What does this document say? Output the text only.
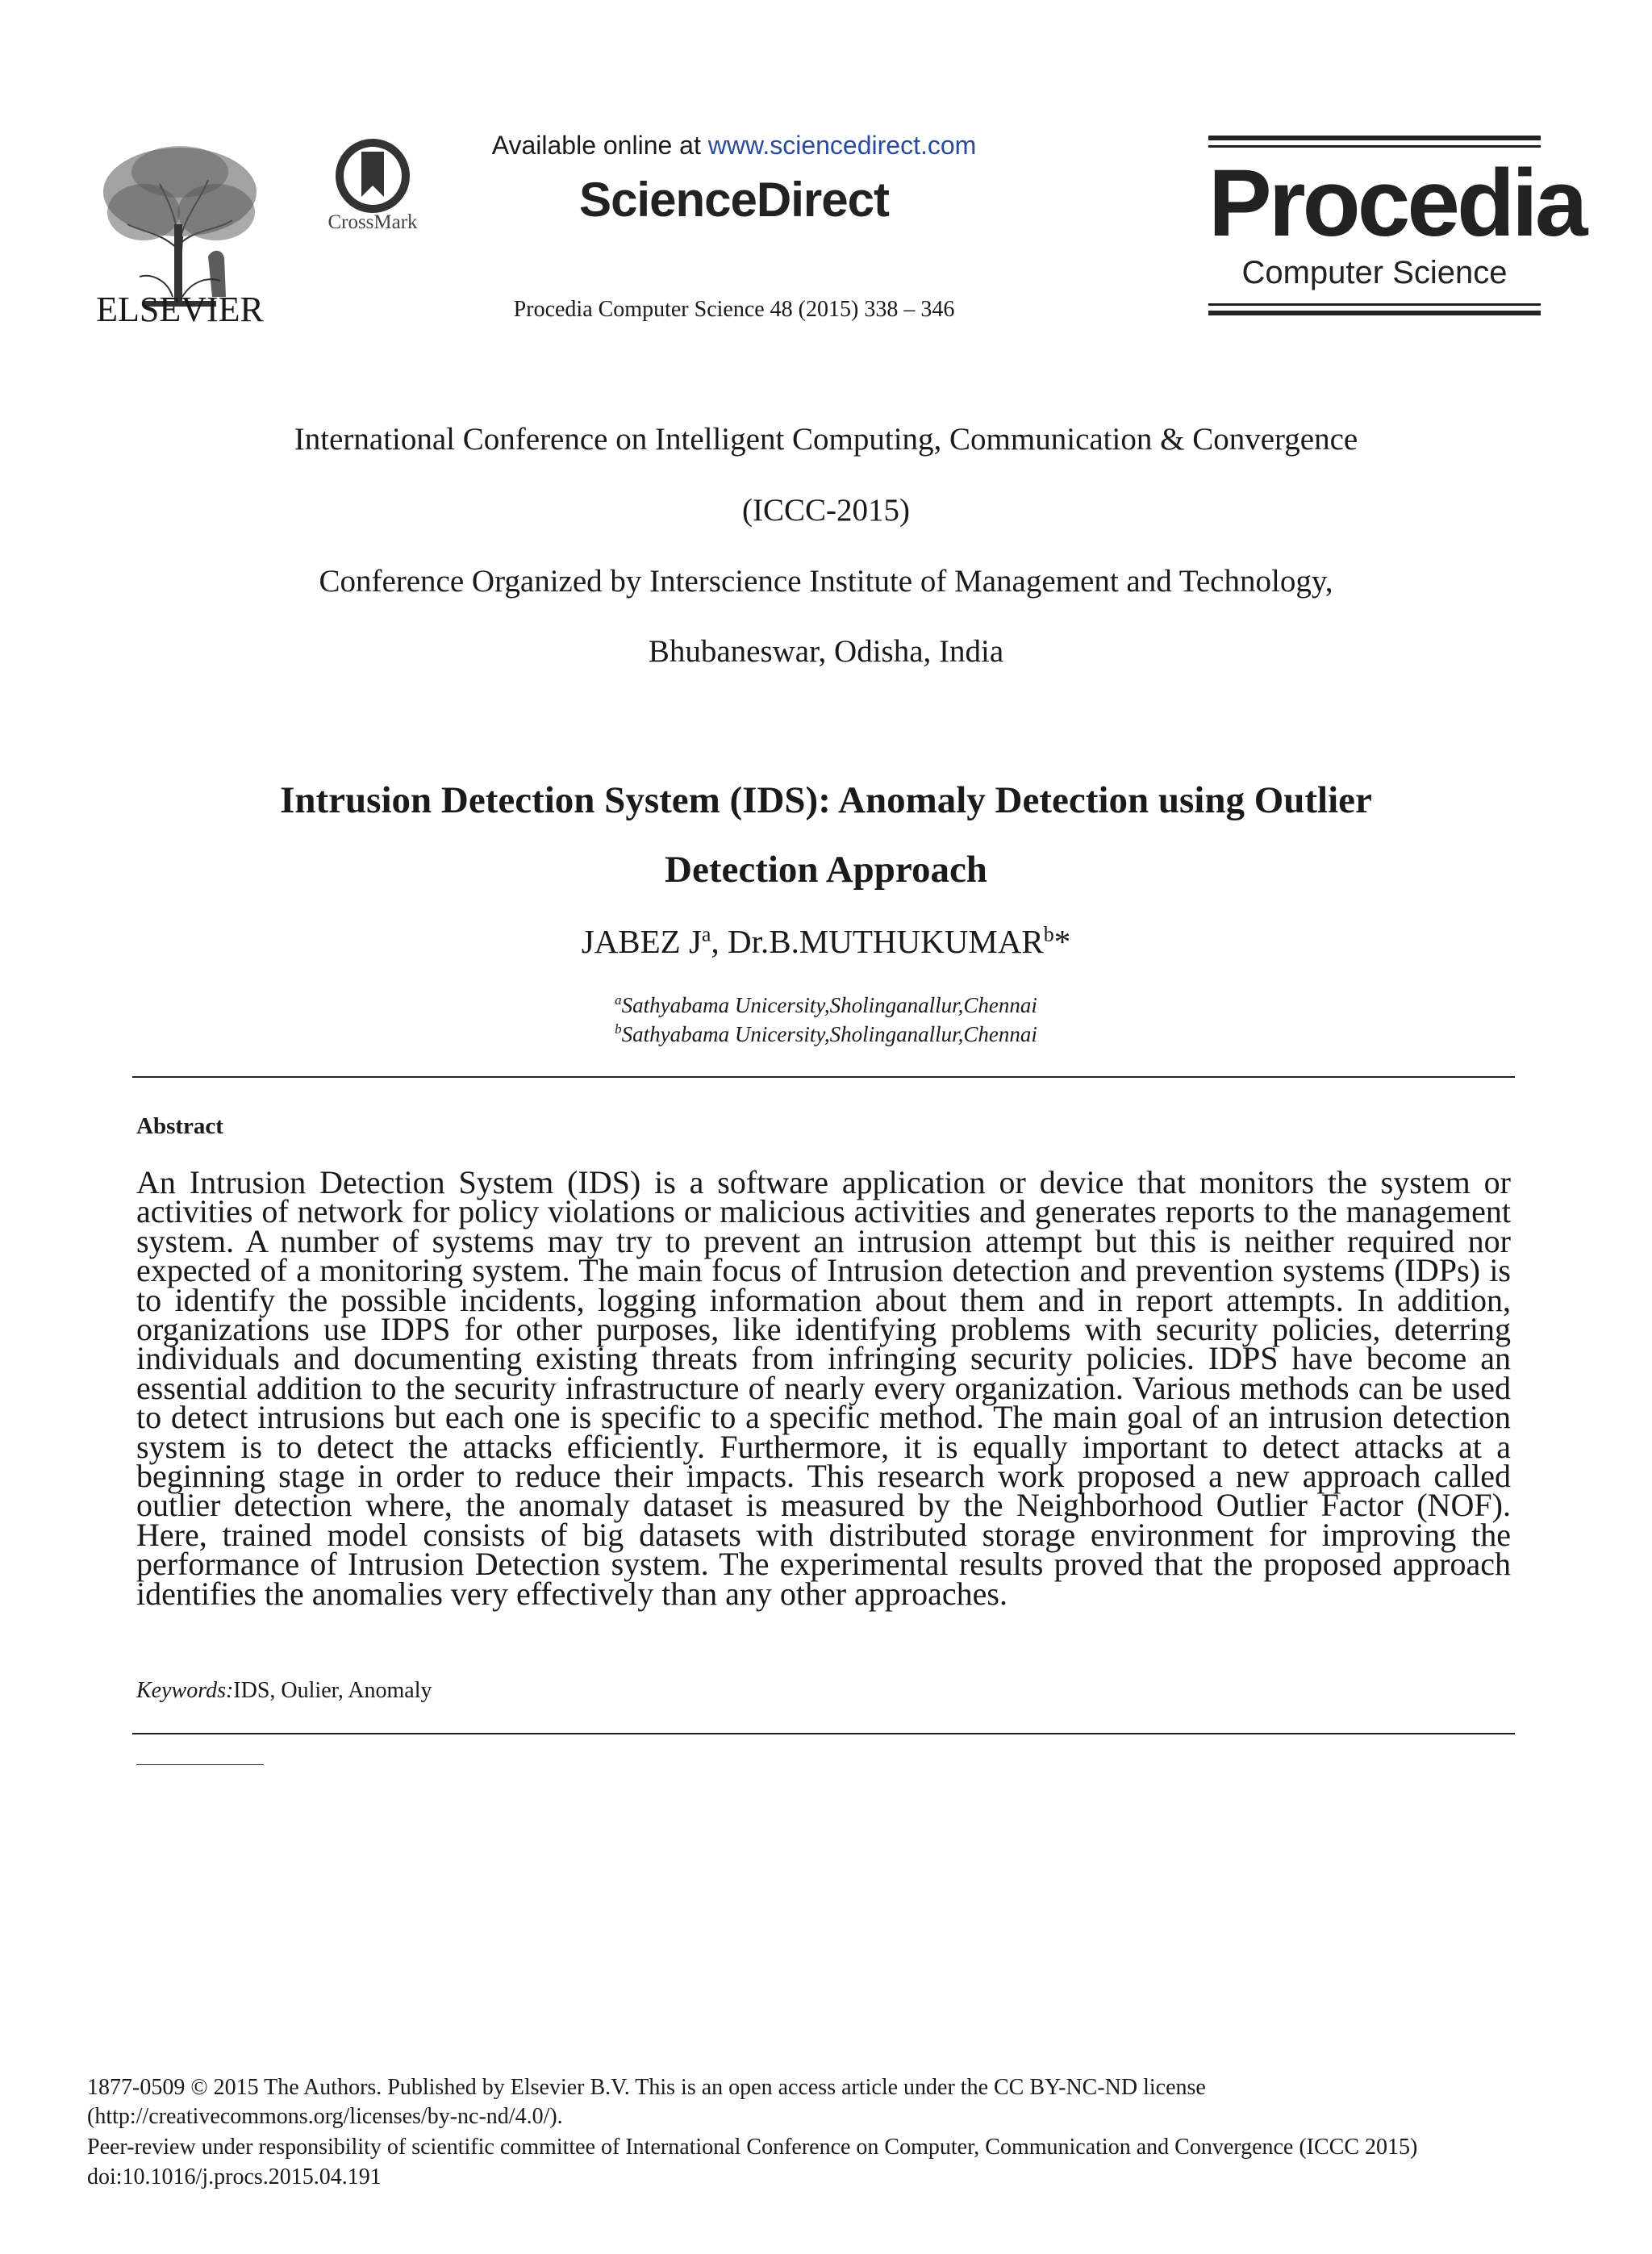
ELSEVIER
CrossMark
Available online at www.sciencedirect.com
ScienceDirect
Procedia Computer Science 48 (2015) 338 – 346
Procedia
Computer Science
International Conference on Intelligent Computing, Communication & Convergence
(ICCC-2015)
Conference Organized by Interscience Institute of Management and Technology,
Bhubaneswar, Odisha, India
Intrusion Detection System (IDS): Anomaly Detection using Outlier
Detection Approach
JABEZ $J^a$, Dr.B.MUTHUKUMAR$^b$*
$^a$Sathyabama Unicersity,Sholinganallur,Chennai
$^b$Sathyabama Unicersity,Sholinganallur,Chennai
Abstract
An Intrusion Detection System (IDS) is a software application or device that monitors the system or activities of network for policy violations or malicious activities and generates reports to the management system. A number of systems may try to prevent an intrusion attempt but this is neither required nor expected of a monitoring system. The main focus of Intrusion detection and prevention systems (IDPs) is to identify the possible incidents, logging information about them and in report attempts. In addition, organizations use IDPS for other purposes, like identifying problems with security policies, deterring individuals and documenting existing threats from infringing security policies. IDPS have become an essential addition to the security infrastructure of nearly every organization. Various methods can be used to detect intrusions but each one is specific to a specific method. The main goal of an intrusion detection system is to detect the attacks efficiently. Furthermore, it is equally important to detect attacks at a beginning stage in order to reduce their impacts. This research work proposed a new approach called outlier detection where, the anomaly dataset is measured by the Neighborhood Outlier Factor (NOF). Here, trained model consists of big datasets with distributed storage environment for improving the performance of Intrusion Detection system. The experimental results proved that the proposed approach identifies the anomalies very effectively than any other approaches.
Keywords:IDS, Oulier, Anomaly
1877-0509 © 2015 The Authors. Published by Elsevier B.V. This is an open access article under the CC BY-NC-ND license
(http://creativecommons.org/licenses/by-nc-nd/4.0/).
Peer-review under responsibility of scientific committee of International Conference on Computer, Communication and Convergence (ICCC 2015)
doi:10.1016/j.procs.2015.04.191
